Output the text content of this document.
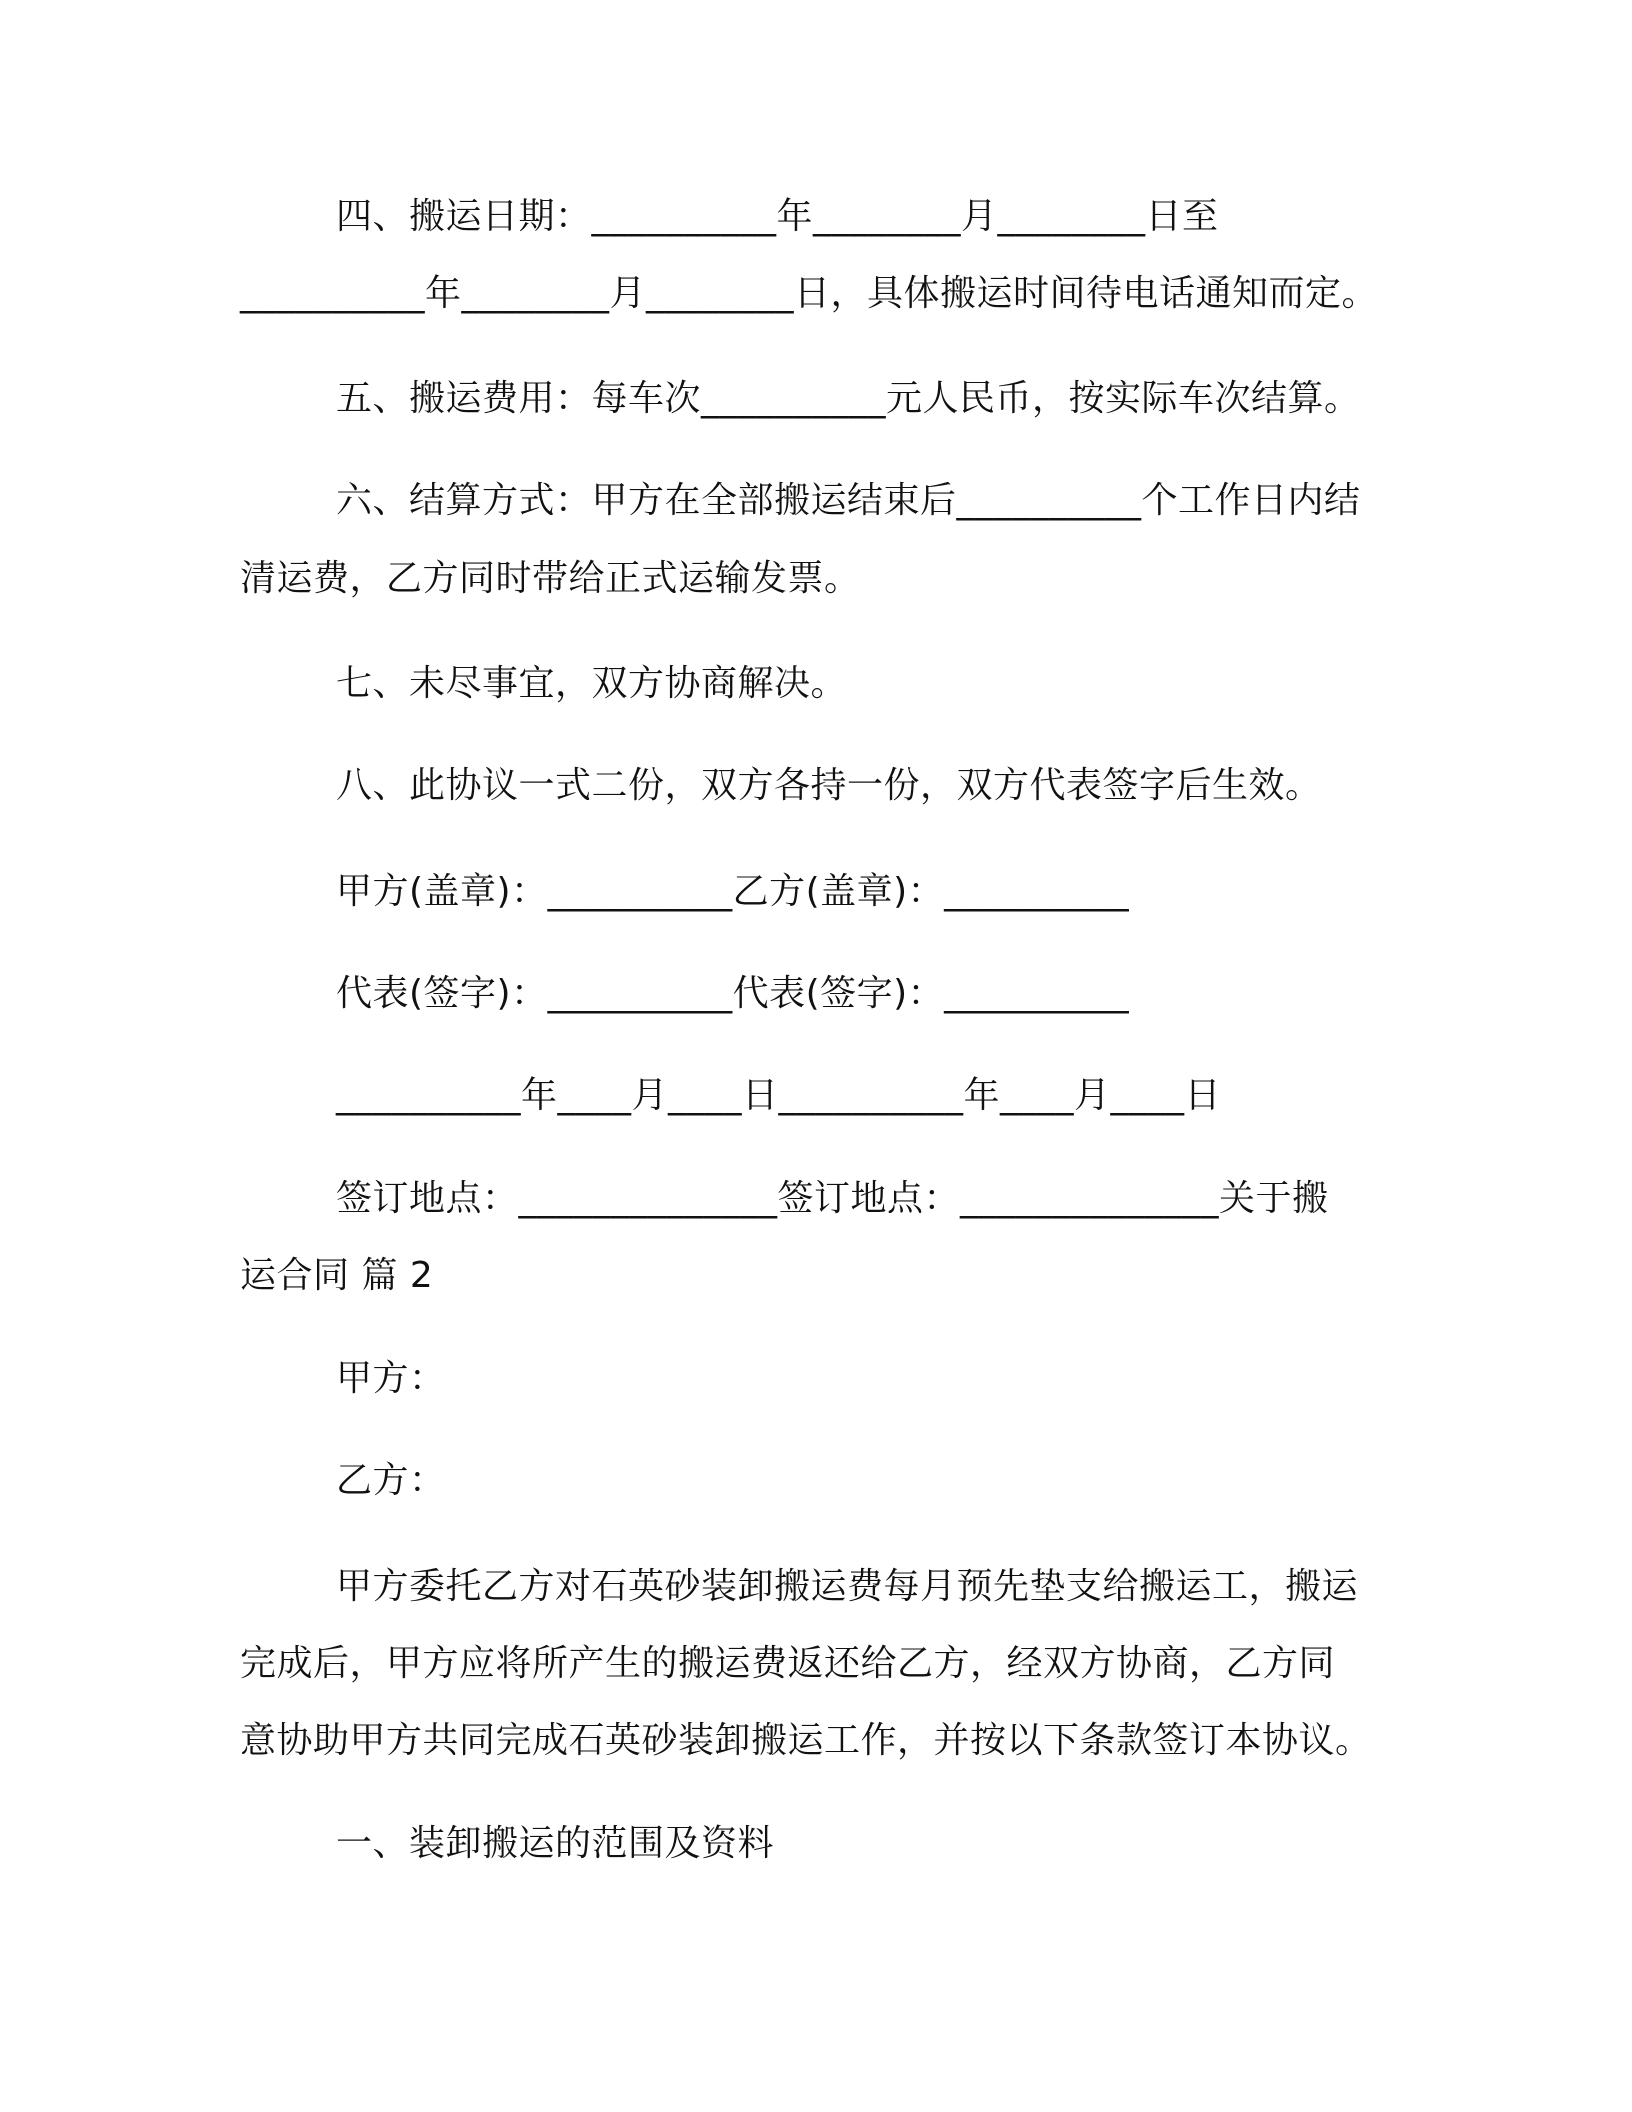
四、搬运日期：__________年________月________日至
__________年________月________日，具体搬运时间待电话通知而定。
五、搬运费用：每车次__________元人民币，按实际车次结算。
六、结算方式：甲方在全部搬运结束后__________个工作日内结
清运费，乙方同时带给正式运输发票。
七、未尽事宜，双方协商解决。
八、此协议一式二份，双方各持一份，双方代表签字后生效。
甲方(盖章)：__________乙方(盖章)：__________
代表(签字)：__________代表(签字)：__________
__________年____月____日__________年____月____日
签订地点：______________签订地点：______________关于搬
运合同 篇 2
甲方：
乙方：
甲方委托乙方对石英砂装卸搬运费每月预先垫支给搬运工，搬运
完成后，甲方应将所产生的搬运费返还给乙方，经双方协商，乙方同
意协助甲方共同完成石英砂装卸搬运工作，并按以下条款签订本协议。
一、装卸搬运的范围及资料
